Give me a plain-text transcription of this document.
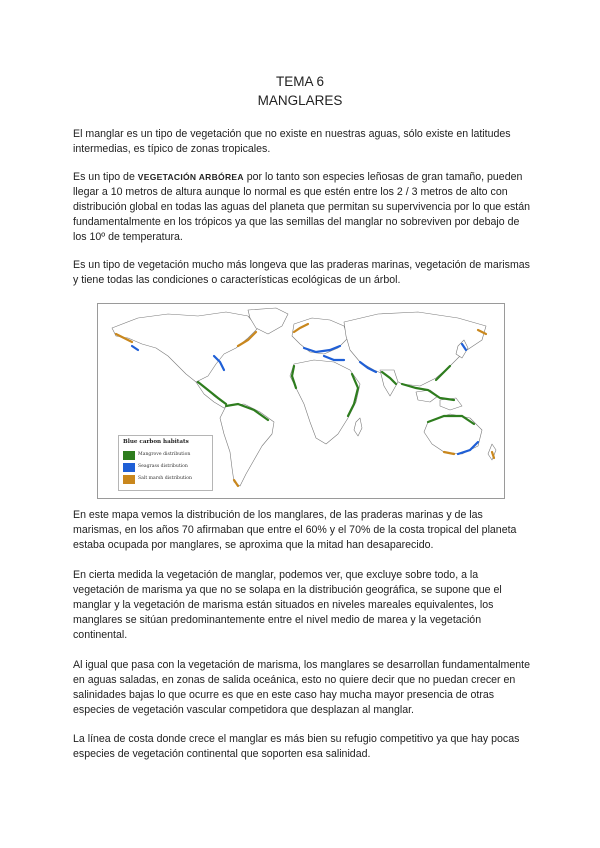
TEMA 6
MANGLARES

El manglar es un tipo de vegetación que no existe en nuestras aguas, sólo existe en latitudes intermedias, es típico de zonas tropicales.

Es un tipo de VEGETACIÓN ARBÓREA por lo tanto son especies leñosas de gran tamaño, pueden llegar a 10 metros de altura aunque lo normal es que estén entre los 2 / 3 metros de alto con distribución global en todas las aguas del planeta que permitan su supervivencia por lo que están fundamentalmente en los trópicos ya que las semillas del manglar no sobreviven por debajo de los 10º de temperatura.

Es un tipo de vegetación mucho más longeva que las praderas marinas, vegetación de marismas y tiene todas las condiciones o características ecológicas de un árbol.

Blue carbon habitats
Mangrove distribution
Seagrass distribution
Salt marsh distribution

En este mapa vemos la distribución de los manglares, de las praderas marinas y de las marismas, en los años 70 afirmaban que entre el 60% y el 70% de la costa tropical del planeta estaba ocupada por manglares, se aproxima que la mitad han desaparecido.

En cierta medida la vegetación de manglar, podemos ver, que excluye sobre todo, a la vegetación de marisma ya que no se solapa en la distribución geográfica, se supone que el manglar y la vegetación de marisma están situados en niveles mareales equivalentes, los manglares se sitúan predominantemente entre el nivel medio de marea y la vegetación continental.

Al igual que pasa con la vegetación de marisma, los manglares se desarrollan fundamentalmente en aguas saladas, en zonas de salida oceánica, esto no quiere decir que no puedan crecer en salinidades bajas lo que ocurre es que en este caso hay mucha mayor presencia de otras especies de vegetación vascular competidora que desplazan al manglar.

La línea de costa donde crece el manglar es más bien su refugio competitivo ya que hay pocas especies de vegetación continental que soporten esa salinidad.
